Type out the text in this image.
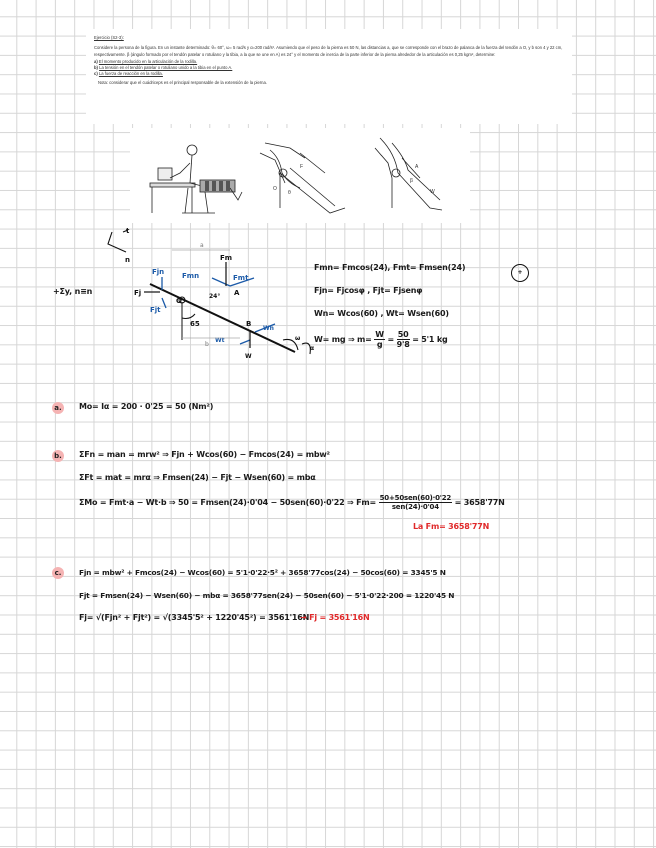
Ejercicio (S2-3):

Considere la persona de la figura. En un instante determinado: θ= 60°, ω= 5 rad/s y α=200 rad/s². Asumiendo que el peso de la pierna es 50 N, las distancias a, que se corresponde con el brazo de palanca de la fuerza del tendón a O, y b son 4 y 22 cm, respectivamente. β (ángulo formado por el tendón patelar o rotuliano y la tibia, a la que se une en A) es 24° y el momento de inercia de la parte inferior de la pierna alrededor de la articulación es 0,25 kgm², determine:

a) El momento producido en la articulación de la rodilla.
b) La tensión en el tendón patelar o rotuliano unido a la tibia en el punto A.
c) La fuerza de reacción en la rodilla.
Nota: considerar que el cuádriceps es el principal responsable de la extensión de la pierna.
F
O
θ
A
W
β
t
n
a
Fj
Fjn
Fjt
Fmn	Fmt
Wn
Wt
Fm
24°
O
A
65
b
B
W
ω
α
+Σy, n≡n
Fmn= Fmcos(24), Fmt= Fmsen(24)
Fjn= Fjcosφ , Fjt= Fjsenφ
Wn= Wcos(60) , Wt= Wsen(60)
W= mg ⇒ $m= \frac{W}{g} = \frac{50}{9'8} = 5'1$ kg
+
a. Mo= Iα = 200 · 0'25 = 50 (Nm²)
b. ΣFn = man = mrw² ⇒ Fjn + Wcos(60) − Fmcos(24) = mbw²
ΣFt = mat = mrα ⇒ Fmsen(24) − Fjt − Wsen(60) = mbα
ΣMo = Fmt·a − Wt·b ⇒ 50 = Fmsen(24)·0'04 − 50sen(60)·0'22 ⇒ $Fm= \frac{\text{50+50sen(60)·0'22}}{\text{sen(24)·0'04}} = 3658'77N$
La Fm= 3658'77N
c.	Fjn = mbw² + Fmcos(24) − Wcos(60) = 5'1·0'22·5² + 3658'77cos(24) − 50cos(60) = 3345'5 N
Fjt = Fmsen(24) − Wsen(60) − mbα = 3658'77sen(24) − 50sen(60) − 5'1·0'22·200 = 1220'45 N
Fj= √(Fjn² + Fjt²) = √(3345'5² + 1220'45²) = 3561'16N
→ Fj = 3561'16N
